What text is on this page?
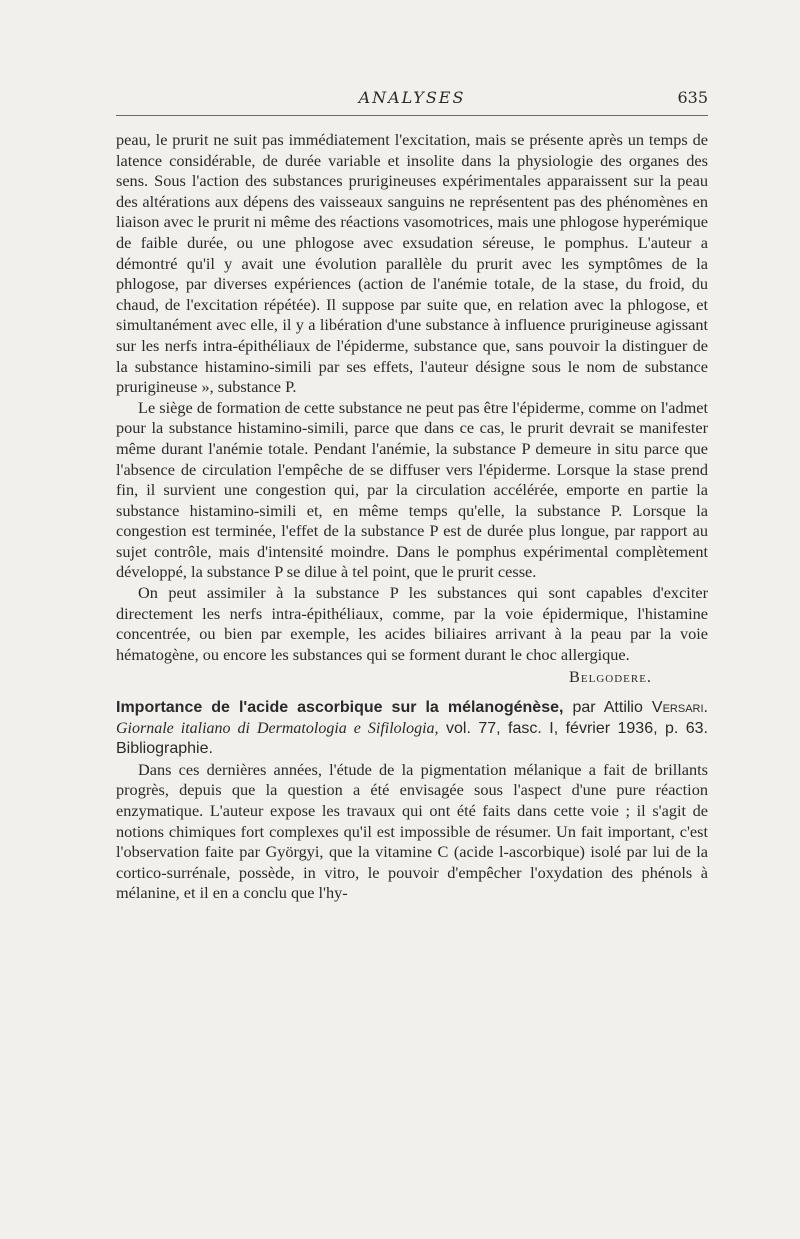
ANALYSES	635

peau, le prurit ne suit pas immédiatement l'excitation, mais se présente après un temps de latence considérable, de durée variable et insolite dans la physiologie des organes des sens. Sous l'action des substances prurigineuses expérimentales apparaissent sur la peau des altérations aux dépens des vaisseaux sanguins ne représentent pas des phénomènes en liaison avec le prurit ni même des réactions vasomotrices, mais une phlogose hyperémique de faible durée, ou une phlogose avec exsudation séreuse, le pomphus. L'auteur a démontré qu'il y avait une évolution parallèle du prurit avec les symptômes de la phlogose, par diverses expériences (action de l'anémie totale, de la stase, du froid, du chaud, de l'excitation répétée). Il suppose par suite que, en relation avec la phlogose, et simultanément avec elle, il y a libération d'une substance à influence prurigineuse agissant sur les nerfs intra-épithéliaux de l'épiderme, substance que, sans pouvoir la distinguer de la substance histamino-simili par ses effets, l'auteur désigne sous le nom de substance prurigineuse », substance P.

Le siège de formation de cette substance ne peut pas être l'épiderme, comme on l'admet pour la substance histamino-simili, parce que dans ce cas, le prurit devrait se manifester même durant l'anémie totale. Pendant l'anémie, la substance P demeure in situ parce que l'absence de circulation l'empêche de se diffuser vers l'épiderme. Lorsque la stase prend fin, il survient une congestion qui, par la circulation accélérée, emporte en partie la substance histamino-simili et, en même temps qu'elle, la substance P. Lorsque la congestion est terminée, l'effet de la substance P est de durée plus longue, par rapport au sujet contrôle, mais d'intensité moindre. Dans le pomphus expérimental complètement développé, la substance P se dilue à tel point, que le prurit cesse.

On peut assimiler à la substance P les substances qui sont capables d'exciter directement les nerfs intra-épithéliaux, comme, par la voie épidermique, l'histamine concentrée, ou bien par exemple, les acides biliaires arrivant à la peau par la voie hématogène, ou encore les substances qui se forment durant le choc allergique.

Belgodere.

Importance de l'acide ascorbique sur la mélanogénèse, par Attilio Versari. Giornale italiano di Dermatologia e Sifilologia, vol. 77, fasc. I, février 1936, p. 63. Bibliographie.

Dans ces dernières années, l'étude de la pigmentation mélanique a fait de brillants progrès, depuis que la question a été envisagée sous l'aspect d'une pure réaction enzymatique. L'auteur expose les travaux qui ont été faits dans cette voie ; il s'agit de notions chimiques fort complexes qu'il est impossible de résumer. Un fait important, c'est l'observation faite par Györgyi, que la vitamine C (acide l-ascorbique) isolé par lui de la cortico-surrénale, possède, in vitro, le pouvoir d'empêcher l'oxydation des phénols à mélanine, et il en a conclu que l'hy-
